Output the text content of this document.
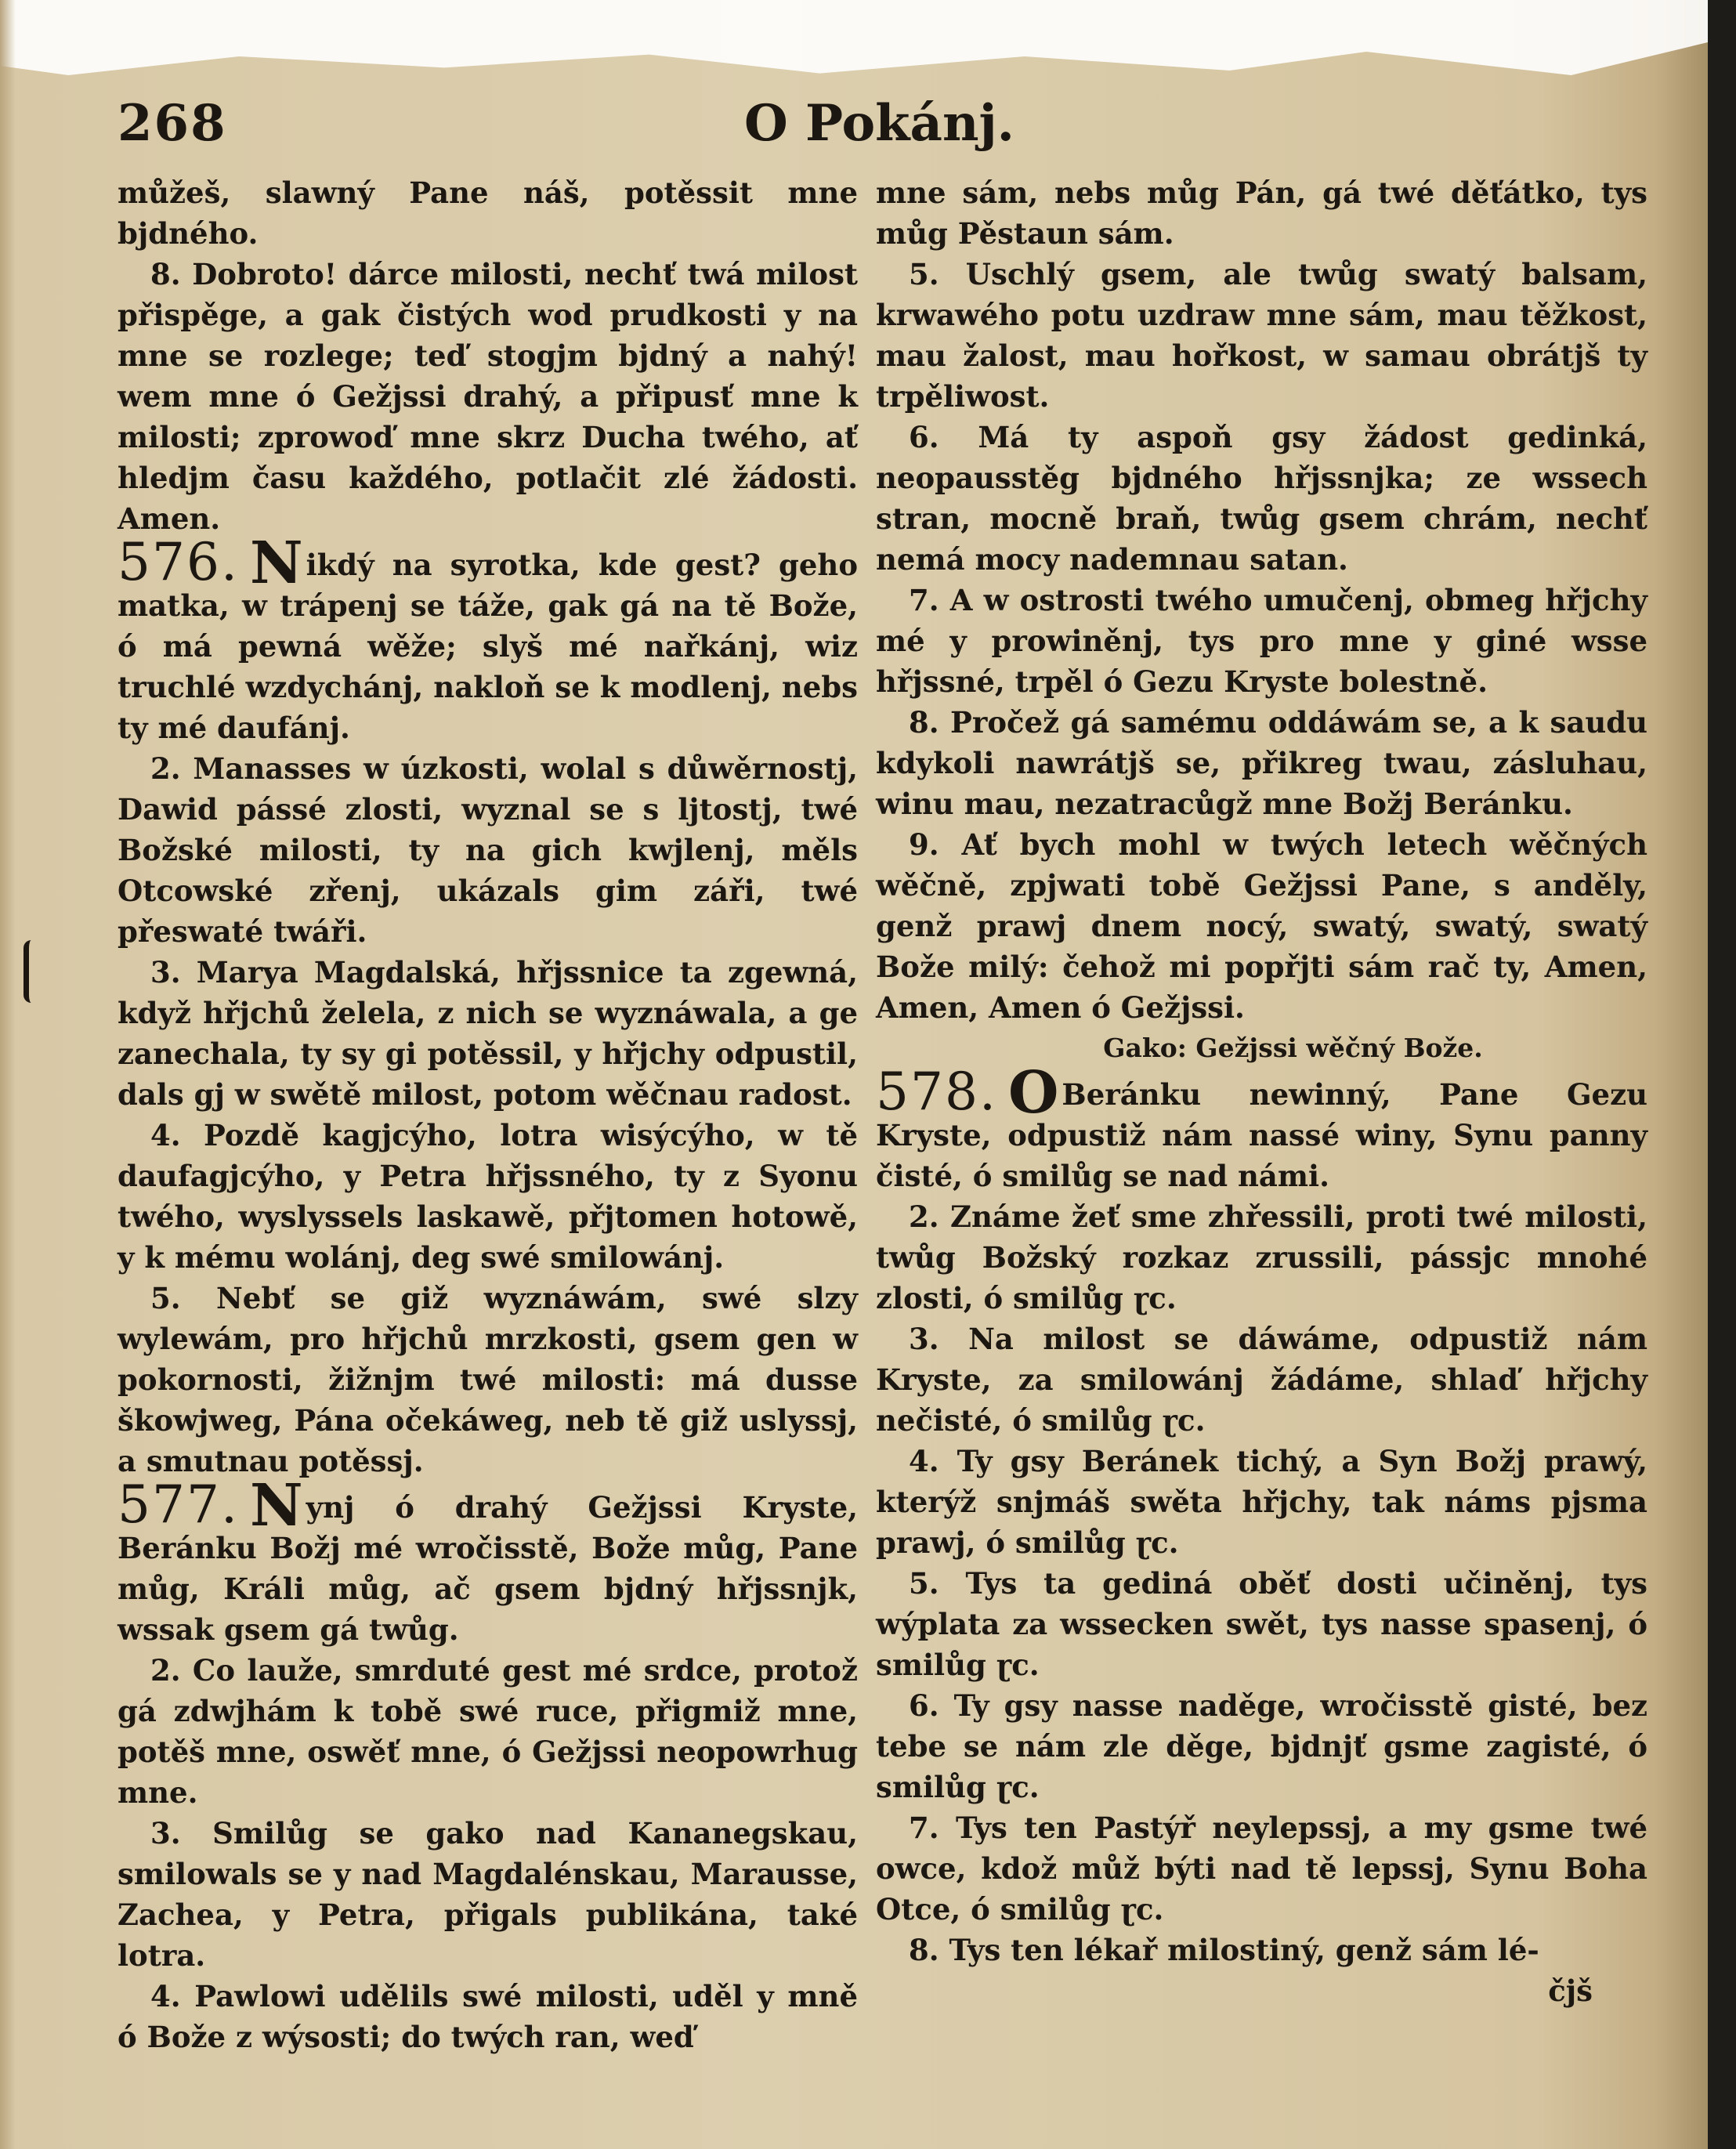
268	O Pokánj.

můžeš, slawný Pane náš, potěssit mne bjdného.

8. Dobroto! dárce milosti, nechť twá milost přispěge, a gak čistých wod prudkosti y na mne se rozlege; teď stogjm bjdný a nahý! wem mne ó Gežjssi drahý, a připusť mne k milosti; zprowoď mne skrz Ducha twého, ať hledjm času každého, potlačit zlé žádosti. Amen.

576. N ikdý na syrotka, kde gest? geho matka, w trápenj se táže, gak gá na tě Bože, ó má pewná wěže; slyš mé nařkánj, wiz truchlé wzdychánj, nakloň se k modlenj, nebs ty mé daufánj.

2. Manasses w úzkosti, wolal s důwěrnostj, Dawid pássé zlosti, wyznal se s ljtostj, twé Božské milosti, ty na gich kwjlenj, měls Otcowské zřenj, ukázals gim záři, twé přeswaté twáři.

3. Marya Magdalská, hřjssnice ta zgewná, když hřjchů želela, z nich se wyznáwala, a ge zanechala, ty sy gi potěssil, y hřjchy odpustil, dals gj w swětě milost, potom wěčnau radost.

4. Pozdě kagjcýho, lotra wisýcýho, w tě daufagjcýho, y Petra hřjssného, ty z Syonu twého, wyslyssels laskawě, přjtomen hotowě, y k mému wolánj, deg swé smilowánj.

5. Nebť se giž wyznáwám, swé slzy wylewám, pro hřjchů mrzkosti, gsem gen w pokornosti, žižnjm twé milosti: má dusse škowjweg, Pána očekáweg, neb tě giž uslyssj, a smutnau potěssj.

577. N ynj ó drahý Gežjssi Kryste, Beránku Božj mé wročisstě, Bože můg, Pane můg, Králi můg, ač gsem bjdný hřjssnjk, wssak gsem gá twůg.

2. Co lauže, smrduté gest mé srdce, protož gá zdwjhám k tobě swé ruce, přigmiž mne, potěš mne, oswěť mne, ó Gežjssi neopowrhug mne.

3. Smilůg se gako nad Kananegskau, smilowals se y nad Magdalénskau, Marausse, Zachea, y Petra, přigals publikána, také lotra.

4. Pawlowi udělils swé milosti, uděl y mně ó Bože z wýsosti; do twých ran, weď

mne sám, nebs můg Pán, gá twé děťátko, tys můg Pěstaun sám.

5. Uschlý gsem, ale twůg swatý balsam, krwawého potu uzdraw mne sám, mau těžkost, mau žalost, mau hořkost, w samau obrátjš ty trpěliwost.

6. Má ty aspoň gsy žádost gedinká, neopausstěg bjdného hřjssnjka; ze wssech stran, mocně braň, twůg gsem chrám, nechť nemá mocy nademnau satan.

7. A w ostrosti twého umučenj, obmeg hřjchy mé y prowiněnj, tys pro mne y giné wsse hřjssné, trpěl ó Gezu Kryste bolestně.

8. Pročež gá samému oddáwám se, a k saudu kdykoli nawrátjš se, přikreg twau, zásluhau, winu mau, nezatracůgž mne Božj Beránku.

9. Ať bych mohl w twých letech wěčných wěčně, zpjwati tobě Gežjssi Pane, s anděly, genž prawj dnem nocý, swatý, swatý, swatý Bože milý: čehož mi popřjti sám rač ty, Amen, Amen, Amen ó Gežjssi.

Gako: Gežjssi wěčný Bože.

578. O Beránku newinný, Pane Gezu Kryste, odpustiž nám nassé winy, Synu panny čisté, ó smilůg se nad námi.

2. Známe žeť sme zhřessili, proti twé milosti, twůg Božský rozkaz zrussili, pássjc mnohé zlosti, ó smilůg ɽc.

3. Na milost se dáwáme, odpustiž nám Kryste, za smilowánj žádáme, shlaď hřjchy nečisté, ó smilůg ɽc.

4. Ty gsy Beránek tichý, a Syn Božj prawý, kterýž snjmáš swěta hřjchy, tak náms pjsma prawj, ó smilůg ɽc.

5. Tys ta gediná oběť dosti učiněnj, tys wýplata za wssecken swět, tys nasse spasenj, ó smilůg ɽc.

6. Ty gsy nasse naděge, wročisstě gisté, bez tebe se nám zle děge, bjdnjť gsme zagisté, ó smilůg ɽc.

7. Tys ten Pastýř neylepssj, a my gsme twé owce, kdož můž býti nad tě lepssj, Synu Boha Otce, ó smilůg ɽc.

8. Tys ten lékař milostiný, genž sám lé-

čjš
